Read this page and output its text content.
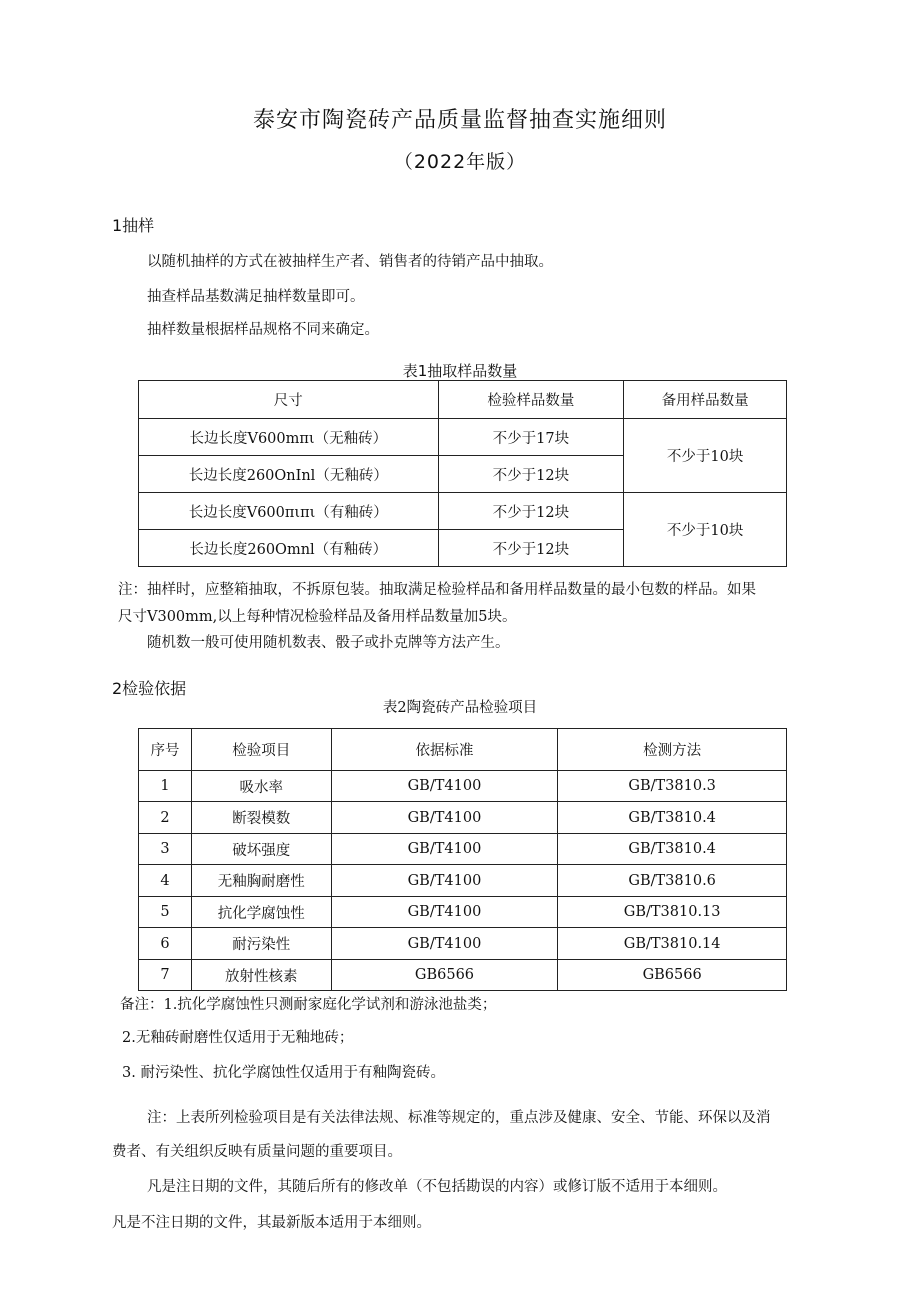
泰安市陶瓷砖产品质量监督抽查实施细则
（2022年版）
1抽样
以随机抽样的方式在被抽样生产者、销售者的待销产品中抽取。
抽查样品基数满足抽样数量即可。
抽样数量根据样品规格不同来确定。
表1抽取样品数量
尺寸	检验样品数量	备用样品数量
长边长度V600mπι（无釉砖）	不少于17块	不少于10块
长边长度260OnInl（无釉砖）	不少于12块	
长边长度V600πιπι（有釉砖）	不少于12块	不少于10块
长边长度260Omnl（有釉砖）	不少于12块	
注：抽样时，应整箱抽取，不拆原包装。抽取满足检验样品和备用样品数量的最小包数的样品。如果
尺寸V300mm,以上每种情况检验样品及备用样品数量加5块。
随机数一般可使用随机数表、骰子或扑克牌等方法产生。
2检验依据
表2陶瓷砖产品检验项目
序号	检验项目	依据标准	检测方法
1	吸水率	GB/T4100	GB/T3810.3
2	断裂模数	GB/T4100	GB/T3810.4
3	破坏强度	GB/T4100	GB/T3810.4
4	无釉胸耐磨性	GB/T4100	GB/T3810.6
5	抗化学腐蚀性	GB/T4100	GB/T3810.13
6	耐污染性	GB/T4100	GB/T3810.14
7	放射性核素	GB6566	GB6566
备注：1.抗化学腐蚀性只测耐家庭化学试剂和游泳池盐类；
2.无釉砖耐磨性仅适用于无釉地砖；
3. 耐污染性、抗化学腐蚀性仅适用于有釉陶瓷砖。
注：上表所列检验项目是有关法律法规、标准等规定的，重点涉及健康、安全、节能、环保以及消
费者、有关组织反映有质量问题的重要项目。
凡是注日期的文件，其随后所有的修改单（不包括勘误的内容）或修订版不适用于本细则。
凡是不注日期的文件，其最新版本适用于本细则。
